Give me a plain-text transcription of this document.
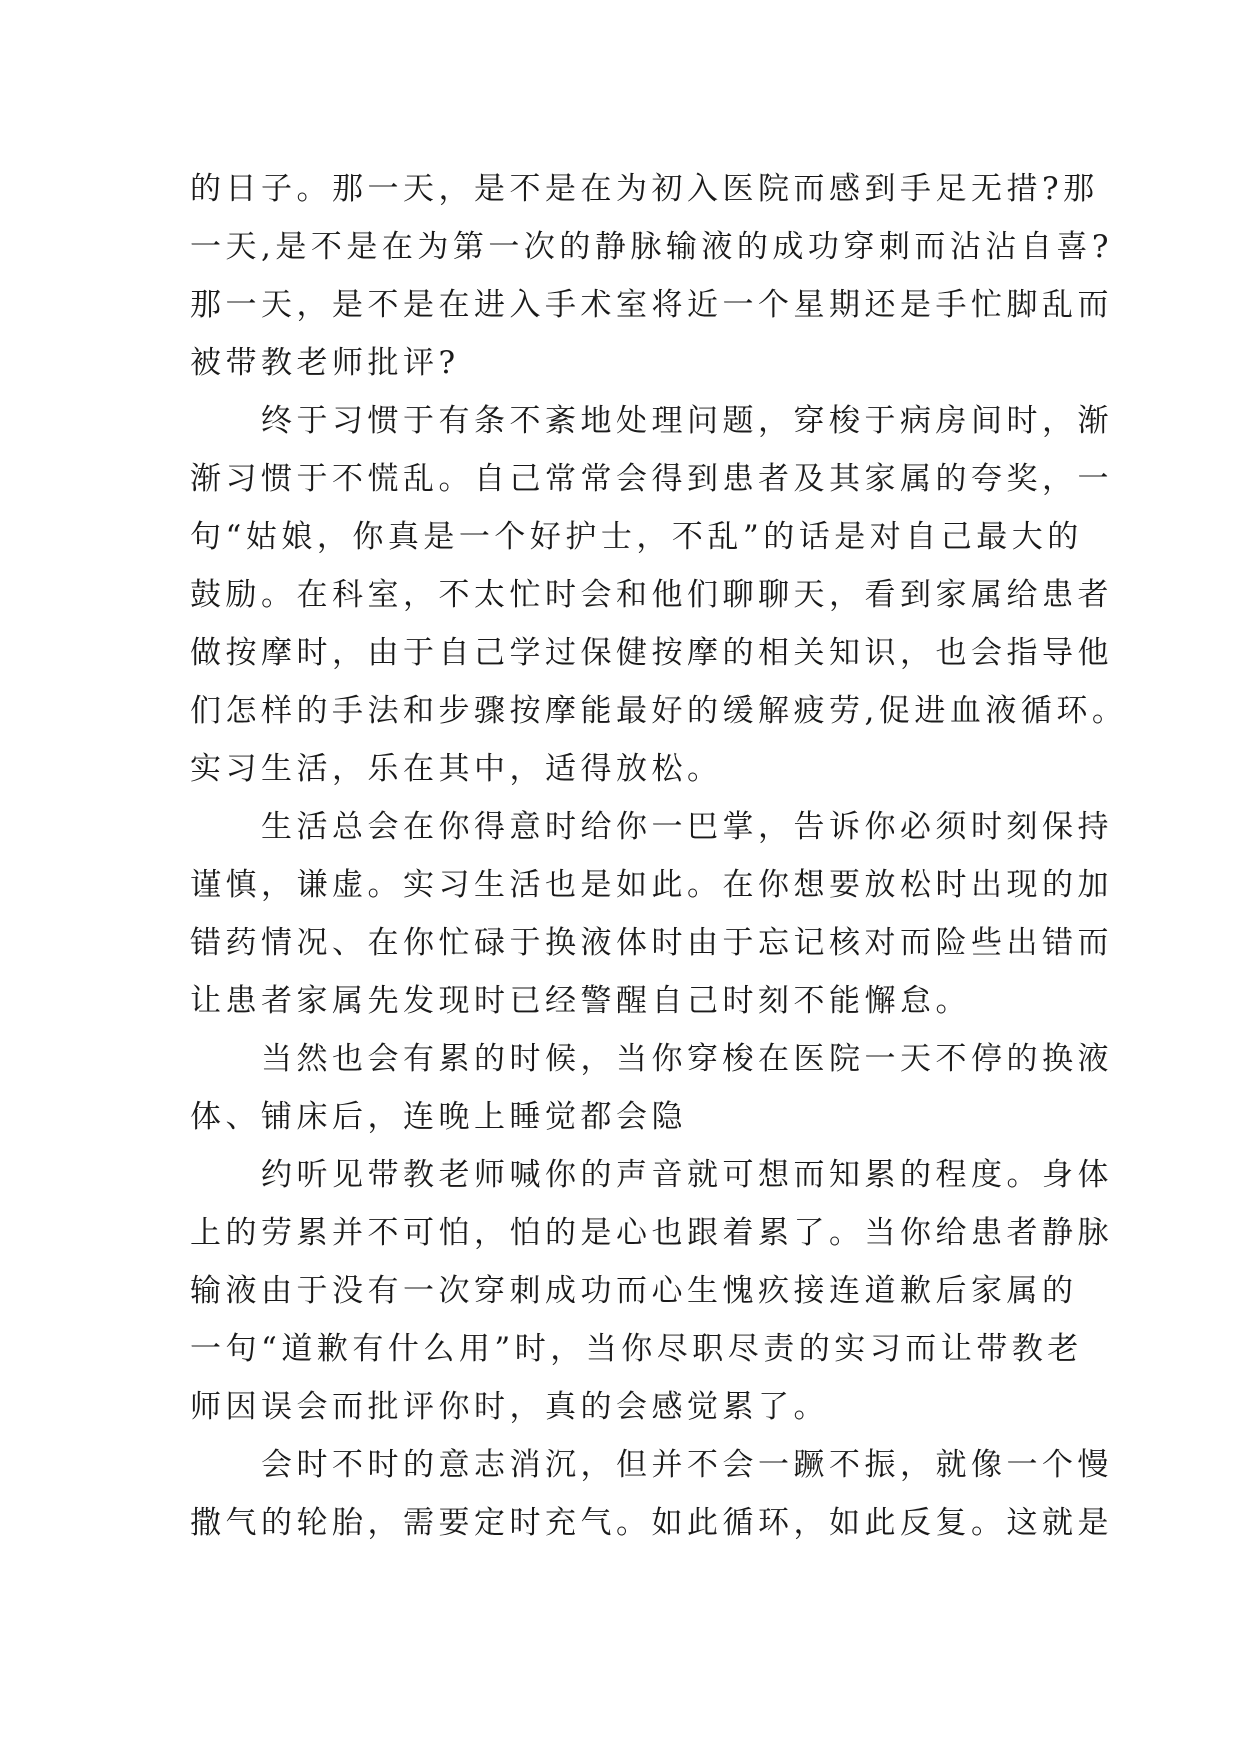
的日子。那一天，是不是在为初入医院而感到手足无措?那
一天,是不是在为第一次的静脉输液的成功穿刺而沾沾自喜?
那一天，是不是在进入手术室将近一个星期还是手忙脚乱而
被带教老师批评?
　　终于习惯于有条不紊地处理问题，穿梭于病房间时，渐
渐习惯于不慌乱。自己常常会得到患者及其家属的夸奖，一
句“姑娘，你真是一个好护士，不乱”的话是对自己最大的
鼓励。在科室，不太忙时会和他们聊聊天，看到家属给患者
做按摩时，由于自己学过保健按摩的相关知识，也会指导他
们怎样的手法和步骤按摩能最好的缓解疲劳,促进血液循环。
实习生活，乐在其中，适得放松。
　　生活总会在你得意时给你一巴掌，告诉你必须时刻保持
谨慎，谦虚。实习生活也是如此。在你想要放松时出现的加
错药情况、在你忙碌于换液体时由于忘记核对而险些出错而
让患者家属先发现时已经警醒自己时刻不能懈怠。
　　当然也会有累的时候，当你穿梭在医院一天不停的换液
体、铺床后，连晚上睡觉都会隐
　　约听见带教老师喊你的声音就可想而知累的程度。身体
上的劳累并不可怕，怕的是心也跟着累了。当你给患者静脉
输液由于没有一次穿刺成功而心生愧疚接连道歉后家属的
一句“道歉有什么用”时，当你尽职尽责的实习而让带教老
师因误会而批评你时，真的会感觉累了。
　　会时不时的意志消沉，但并不会一蹶不振，就像一个慢
撒气的轮胎，需要定时充气。如此循环，如此反复。这就是
